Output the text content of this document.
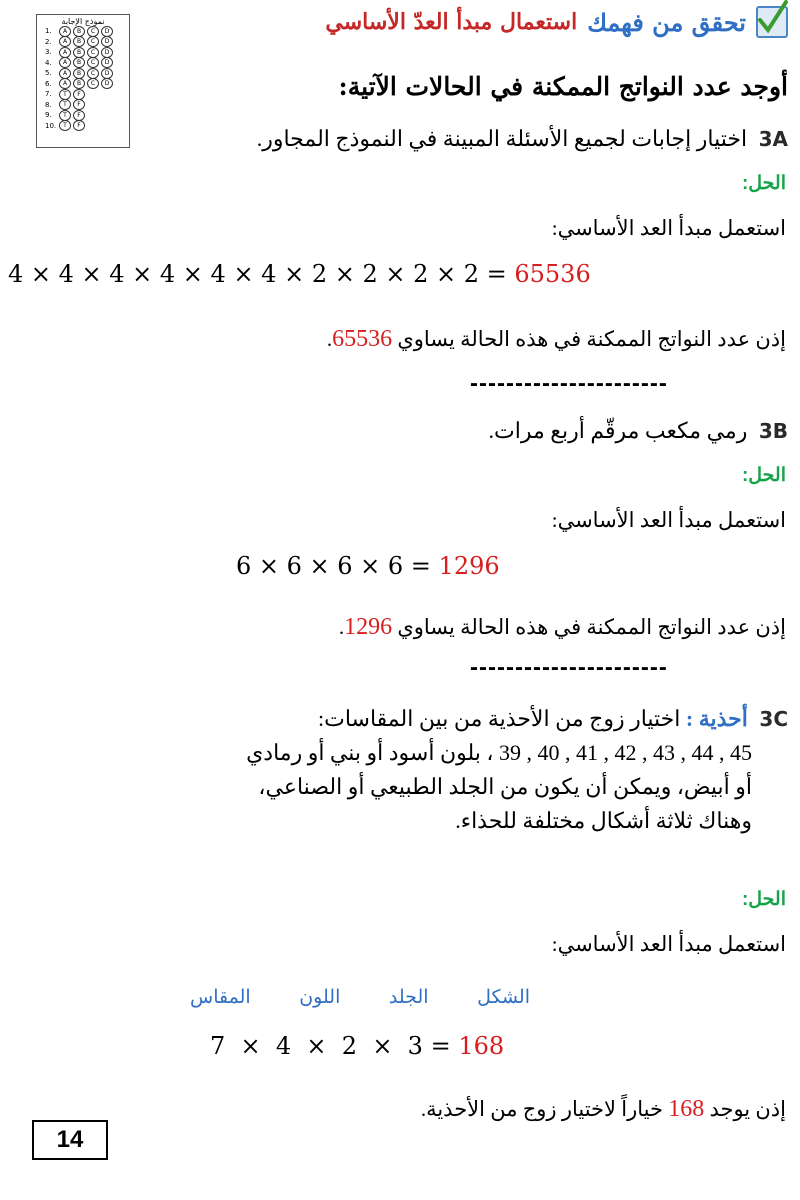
تحقق من فهمك
استعمال مبدأ العدّ الأساسي
نموذج الإجابة
1.	A	B	C	D
2.	A	B	C	D
3.	A	B	C	D
4.	A	B	C	D
5.	A	B	C	D
6.	A	B	C	D
7.	T	F
8.	T	F
9.	T	F
10.	T	F
أوجد عدد النواتج الممكنة في الحالات الآتية:
3A اختيار إجابات لجميع الأسئلة المبينة في النموذج المجاور.
الحل:
استعمل مبدأ العد الأساسي:
4 × 4 × 4 × 4 × 4 × 4 × 2 × 2 × 2 × 2 = 65536
إذن عدد النواتج الممكنة في هذه الحالة يساوي 65536.
----------------------
3B رمي مكعب مرقّم أربع مرات.
الحل:
استعمل مبدأ العد الأساسي:
6 × 6 × 6 × 6 = 1296
إذن عدد النواتج الممكنة في هذه الحالة يساوي 1296.
----------------------
3C أحذية : اختيار زوج من الأحذية من بين المقاسات:
45 , 44 , 43 , 42 , 41 , 40 , 39 ، بلون أسود أو بني أو رمادي
أو أبيض، ويمكن أن يكون من الجلد الطبيعي أو الصناعي،
وهناك ثلاثة أشكال مختلفة للحذاء.
الحل:
استعمل مبدأ العد الأساسي:
المقاس	اللون	الجلد	الشكل
7  ×  4  ×  2  ×  3 = 168
إذن يوجد 168 خياراً لاختيار زوج من الأحذية.
14
